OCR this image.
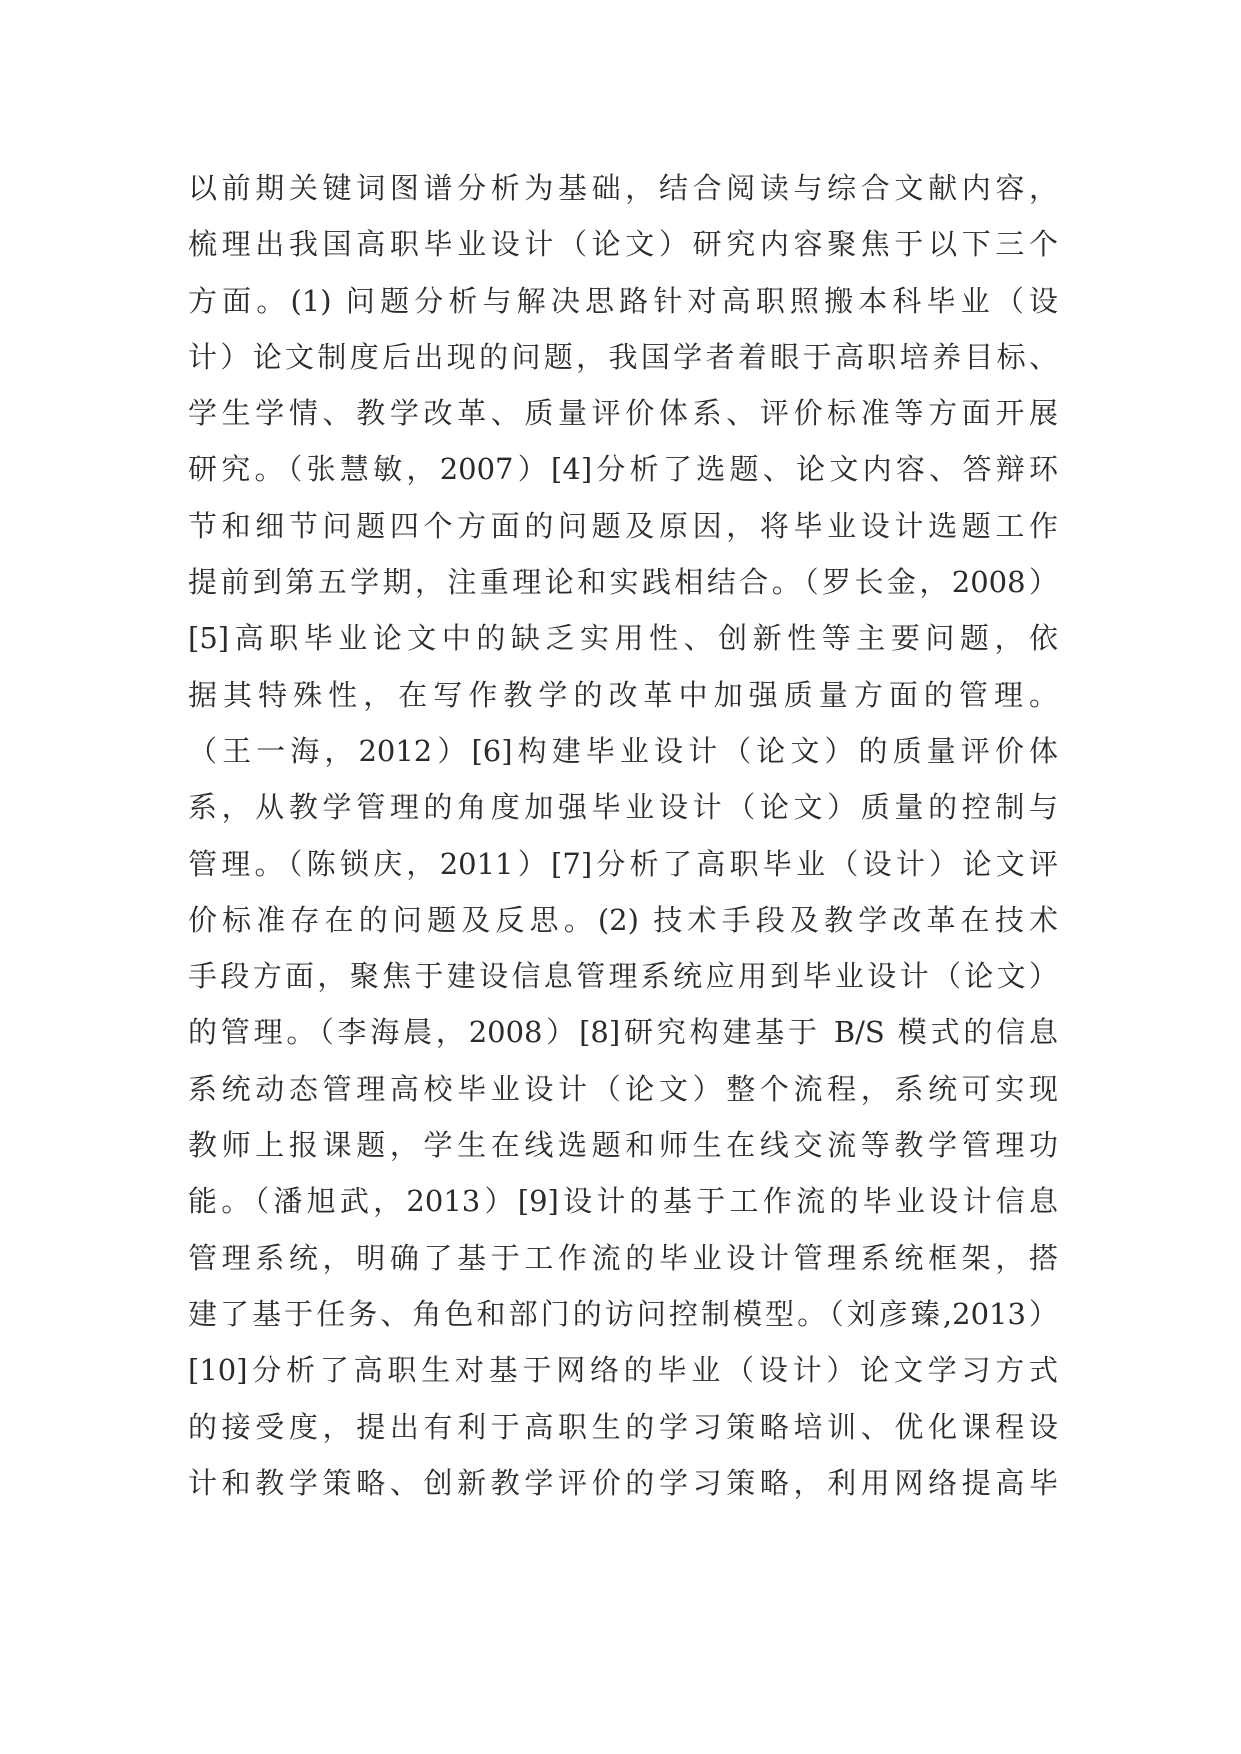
以前期关键词图谱分析为基础，结合阅读与综合文献内容，
梳理出我国高职毕业设计（论文）研究内容聚焦于以下三个
方面。(1) 问题分析与解决思路针对高职照搬本科毕业（设
计）论文制度后出现的问题，我国学者着眼于高职培养目标、
学生学情、教学改革、质量评价体系、评价标准等方面开展
研究。（张慧敏，2007）[4]分析了选题、论文内容、答辩环
节和细节问题四个方面的问题及原因，将毕业设计选题工作
提前到第五学期，注重理论和实践相结合。（罗长金，2008）
[5]高职毕业论文中的缺乏实用性、创新性等主要问题，依
据其特殊性，在写作教学的改革中加强质量方面的管理。
（王一海，2012）[6]构建毕业设计（论文）的质量评价体
系，从教学管理的角度加强毕业设计（论文）质量的控制与
管理。（陈锁庆，2011）[7]分析了高职毕业（设计）论文评
价标准存在的问题及反思。(2) 技术手段及教学改革在技术
手段方面，聚焦于建设信息管理系统应用到毕业设计（论文）
的管理。（李海晨，2008）[8]研究构建基于 B/S 模式的信息
系统动态管理高校毕业设计（论文）整个流程，系统可实现
教师上报课题，学生在线选题和师生在线交流等教学管理功
能。（潘旭武，2013）[9]设计的基于工作流的毕业设计信息
管理系统，明确了基于工作流的毕业设计管理系统框架，搭
建了基于任务、角色和部门的访问控制模型。（刘彦臻,2013）
[10]分析了高职生对基于网络的毕业（设计）论文学习方式
的接受度，提出有利于高职生的学习策略培训、优化课程设
计和教学策略、创新教学评价的学习策略，利用网络提高毕
